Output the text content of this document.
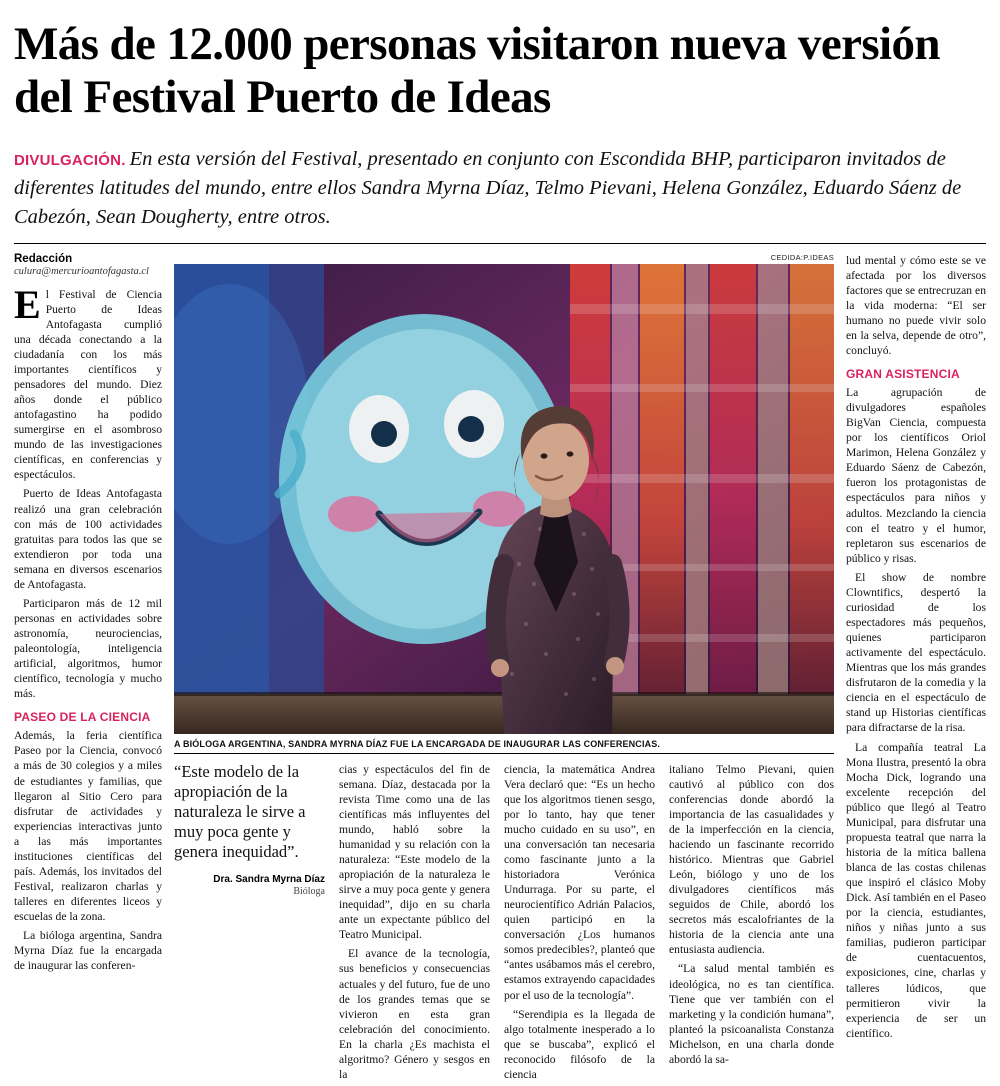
Más de 12.000 personas visitaron nueva versión del Festival Puerto de Ideas
DIVULGACIÓN. En esta versión del Festival, presentado en conjunto con Escondida BHP, participaron invitados de diferentes latitudes del mundo, entre ellos Sandra Myrna Díaz, Telmo Pievani, Helena González, Eduardo Sáenz de Cabezón, Sean Dougherty, entre otros.
Redacción
culura@mercurioantofagasta.cl

El Festival de Ciencia Puerto de Ideas Antofagasta cumplió una década conectando a la ciudadanía con los más importantes científicos y pensadores del mundo. Diez años donde el público antofagastino ha podido sumergirse en el asombroso mundo de las investigaciones científicas, en conferencias y espectáculos.

Puerto de Ideas Antofagasta realizó una gran celebración con más de 100 actividades gratuitas para todos las que se extendieron por toda una semana en diversos escenarios de Antofagasta.

Participaron más de 12 mil personas en actividades sobre astronomía, neurociencias, paleontología, inteligencia artificial, algoritmos, humor científico, tecnología y mucho más.

PASEO DE LA CIENCIA

Además, la feria científica Paseo por la Ciencia, convocó a más de 30 colegios y a miles de estudiantes y familias, que llegaron al Sitio Cero para disfrutar de actividades y experiencias interactivas junto a las más importantes instituciones científicas del país. Además, los invitados del Festival, realizaron charlas y talleres en diferentes liceos y escuelas de la zona.

La bióloga argentina, Sandra Myrna Díaz fue la encargada de inaugurar las conferen-

CEDIDA:P.IDEAS
A BIÓLOGA ARGENTINA, SANDRA MYRNA DÍAZ FUE LA ENCARGADA DE INAUGURAR LAS CONFERENCIAS.
“Este modelo de la apropiación de la naturaleza le sirve a muy poca gente y genera inequidad”.
Dra. Sandra Myrna Díaz
Bióloga

cias y espectáculos del fin de semana. Díaz, destacada por la revista Time como una de las científicas más influyentes del mundo, habló sobre la humanidad y su relación con la naturaleza: “Este modelo de la apropiación de la naturaleza le sirve a muy poca gente y genera inequidad”, dijo en su charla ante un expectante público del Teatro Municipal.

El avance de la tecnología, sus beneficios y consecuencias actuales y del futuro, fue de uno de los grandes temas que se vivieron en esta gran celebración del conocimiento. En la charla ¿Es machista el algoritmo? Género y sesgos en la

ciencia, la matemática Andrea Vera declaró que: “Es un hecho que los algoritmos tienen sesgo, por lo tanto, hay que tener mucho cuidado en su uso”, en una conversación tan necesaria como fascinante junto a la historiadora Verónica Undurraga. Por su parte, el neurocientífico Adrián Palacios, quien participó en la conversación ¿Los humanos somos predecibles?, planteó que “antes usábamos más el cerebro, estamos extrayendo capacidades por el uso de la tecnología”.

“Serendipia es la llegada de algo totalmente inesperado a lo que se buscaba”, explicó el reconocido filósofo de la ciencia

italiano Telmo Pievani, quien cautivó al público con dos conferencias donde abordó la importancia de las casualidades y de la imperfección en la ciencia, haciendo un fascinante recorrido histórico. Mientras que Gabriel León, biólogo y uno de los divulgadores científicos más seguidos de Chile, abordó los secretos más escalofriantes de la historia de la ciencia ante una entusiasta audiencia.

“La salud mental también es ideológica, no es tan científica. Tiene que ver también con el marketing y la condición humana”, planteó la psicoanalista Constanza Michelson, en una charla donde abordó la sa-

lud mental y cómo este se ve afectada por los diversos factores que se entrecruzan en la vida moderna: “El ser humano no puede vivir solo en la selva, depende de otro”, concluyó.

GRAN ASISTENCIA

La agrupación de divulgadores españoles BigVan Ciencia, compuesta por los científicos Oriol Marimon, Helena González y Eduardo Sáenz de Cabezón, fueron los protagonistas de espectáculos para niños y adultos. Mezclando la ciencia con el teatro y el humor, repletaron sus escenarios de público y risas.

El show de nombre Clowntifics, despertó la curiosidad de los espectadores más pequeños, quienes participaron activamente del espectáculo. Mientras que los más grandes disfrutaron de la comedia y la ciencia en el espectáculo de stand up Historias científicas para difractarse de la risa.

La compañía teatral La Mona Ilustra, presentó la obra Mocha Dick, logrando una excelente recepción del público que llegó al Teatro Municipal, para disfrutar una propuesta teatral que narra la historia de la mítica ballena blanca de las costas chilenas que inspiró el clásico Moby Dick. Así también en el Paseo por la ciencia, estudiantes, niños y niñas junto a sus familias, pudieron participar de cuentacuentos, exposiciones, cine, charlas y talleres lúdicos, que permitieron vivir la experiencia de ser un científico.
